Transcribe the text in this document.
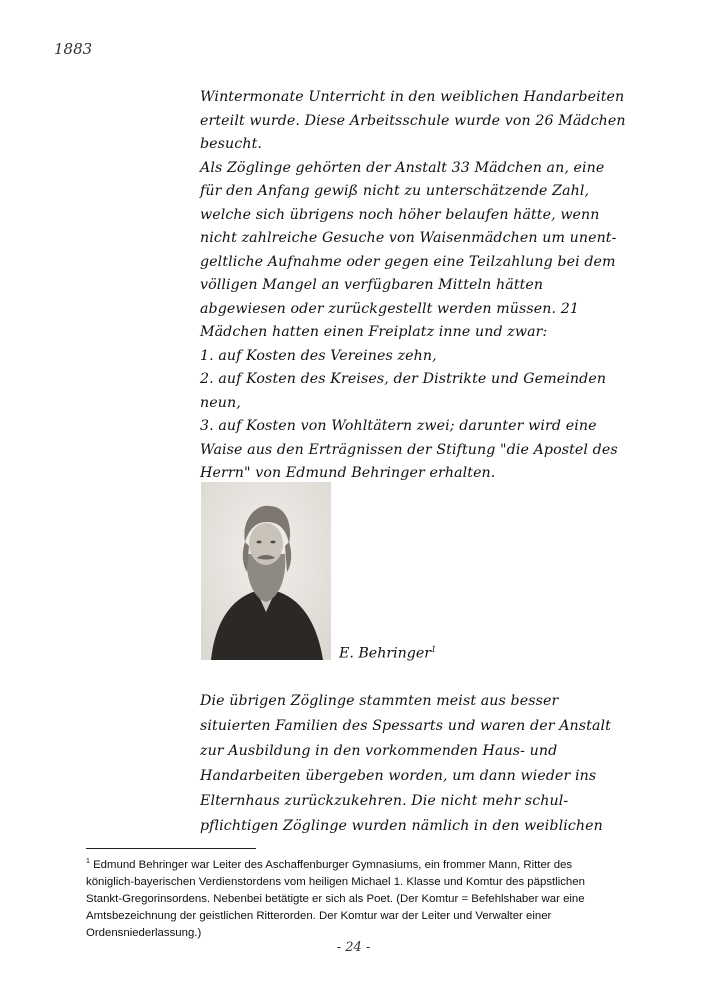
1883
Wintermonate Unterricht in den weiblichen Handarbeiten
erteilt wurde. Diese Arbeitsschule wurde von 26 Mädchen
besucht.
Als Zöglinge gehörten der Anstalt 33 Mädchen an, eine
für den Anfang gewiß nicht zu unterschätzende Zahl,
welche sich übrigens noch höher belaufen hätte, wenn
nicht zahlreiche Gesuche von Waisenmädchen um unent-
geltliche Aufnahme oder gegen eine Teilzahlung bei dem
völligen Mangel an verfügbaren Mitteln hätten
abgewiesen oder zurückgestellt werden müssen. 21
Mädchen hatten einen Freiplatz inne und zwar:
1. auf Kosten des Vereines zehn,
2. auf Kosten des Kreises, der Distrikte und Gemeinden
neun,
3. auf Kosten von Wohltätern zwei; darunter wird eine
Waise aus den Erträgnissen der Stiftung "die Apostel des
Herrn" von Edmund Behringer erhalten.
E. Behringer$^1$
Die übrigen Zöglinge stammten meist aus besser
situierten Familien des Spessarts und waren der Anstalt
zur Ausbildung in den vorkommenden Haus- und
Handarbeiten übergeben worden, um dann wieder ins
Elternhaus zurückzukehren. Die nicht mehr schul-
pflichtigen Zöglinge wurden nämlich in den weiblichen
$^1$ Edmund Behringer war Leiter des Aschaffenburger Gymnasiums, ein frommer Mann, Ritter des
königlich-bayerischen Verdienstordens vom heiligen Michael 1. Klasse und Komtur des päpstlichen
Stankt-Gregorinsordens. Nebenbei betätigte er sich als Poet. (Der Komtur = Befehlshaber war eine
Amtsbezeichnung der geistlichen Ritterorden. Der Komtur war der Leiter und Verwalter einer
Ordensniederlassung.)
- 24 -
